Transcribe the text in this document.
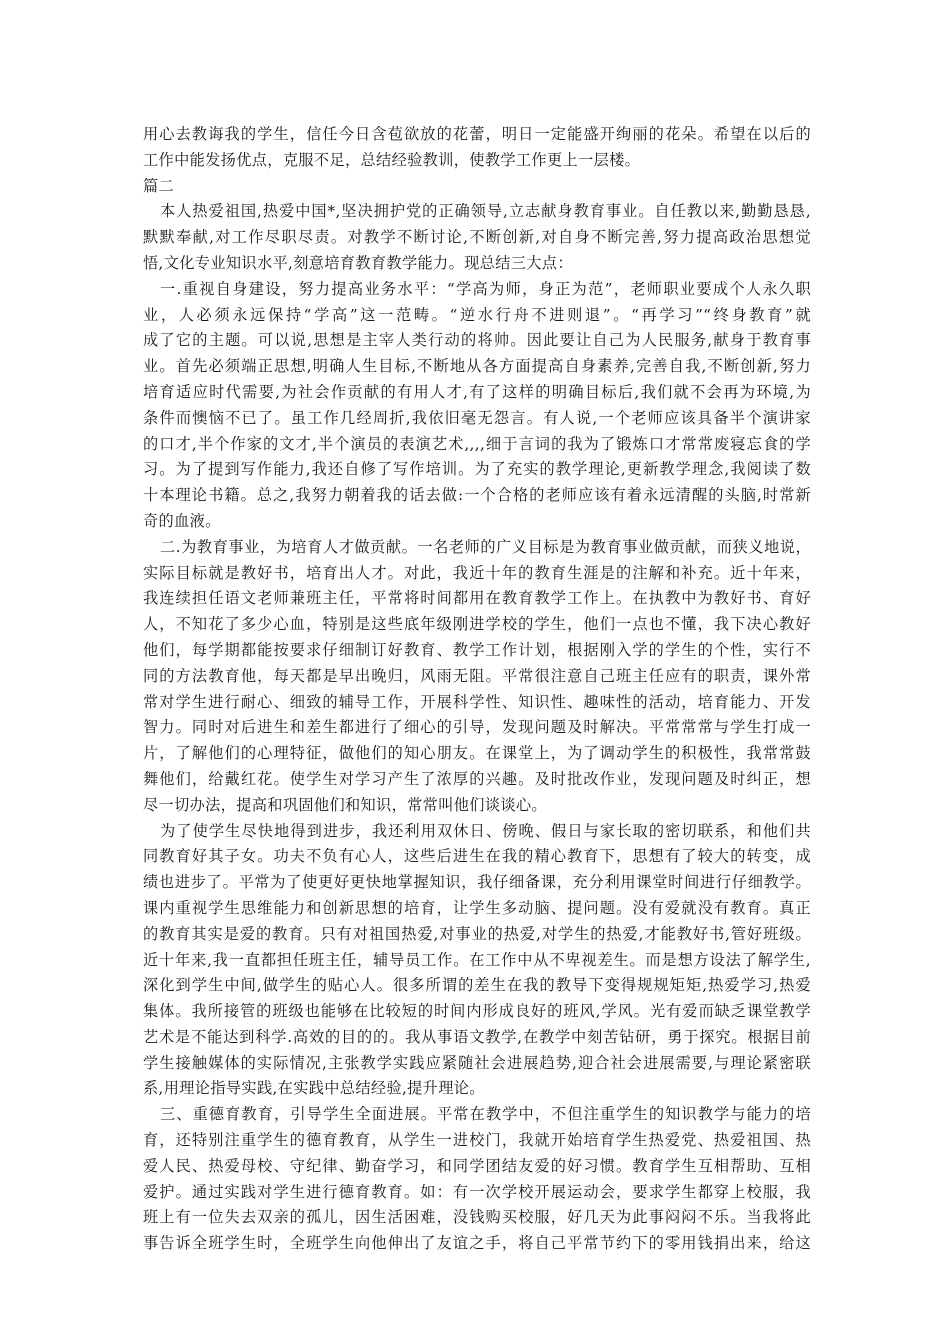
用心去教诲我的学生，信任今日含苞欲放的花蕾，明日一定能盛开绚丽的花朵。希望在以后的
工作中能发扬优点，克服不足，总结经验教训，使教学工作更上一层楼。
篇二
本人热爱祖国,热爱中国*,坚决拥护党的正确领导,立志献身教育事业。自任教以来,勤勤恳恳,
默默奉献,对工作尽职尽责。对教学不断讨论,不断创新,对自身不断完善,努力提高政治思想觉
悟,文化专业知识水平,刻意培育教育教学能力。现总结三大点：
一.重视自身建设，努力提高业务水平：“学高为师，身正为范”，老师职业要成个人永久职
业，人必须永远保持“学高”这一范畴。“逆水行舟不进则退”。“再学习”“终身教育”就
成了它的主题。可以说,思想是主宰人类行动的将帅。因此要让自己为人民服务,献身于教育事
业。首先必须端正思想,明确人生目标,不断地从各方面提高自身素养,完善自我,不断创新,努力
培育适应时代需要,为社会作贡献的有用人才,有了这样的明确目标后,我们就不会再为环境,为
条件而懊恼不已了。虽工作几经周折,我依旧毫无怨言。有人说,一个老师应该具备半个演讲家
的口才,半个作家的文才,半个演员的表演艺术,,,,细于言词的我为了锻炼口才常常废寝忘食的学
习。为了提到写作能力,我还自修了写作培训。为了充实的教学理论,更新教学理念,我阅读了数
十本理论书籍。总之,我努力朝着我的话去做:一个合格的老师应该有着永远清醒的头脑,时常新
奇的血液。
二.为教育事业，为培育人才做贡献。一名老师的广义目标是为教育事业做贡献，而狭义地说，
实际目标就是教好书，培育出人才。对此，我近十年的教育生涯是的注解和补充。近十年来，
我连续担任语文老师兼班主任，平常将时间都用在教育教学工作上。在执教中为教好书、育好
人，不知花了多少心血，特别是这些底年级刚进学校的学生，他们一点也不懂，我下决心教好
他们，每学期都能按要求仔细制订好教育、教学工作计划，根据刚入学的学生的个性，实行不
同的方法教育他，每天都是早出晚归，风雨无阻。平常很注意自己班主任应有的职责，课外常
常对学生进行耐心、细致的辅导工作，开展科学性、知识性、趣味性的活动，培育能力、开发
智力。同时对后进生和差生都进行了细心的引导，发现问题及时解决。平常常常与学生打成一
片，了解他们的心理特征，做他们的知心朋友。在课堂上，为了调动学生的积极性，我常常鼓
舞他们，给戴红花。使学生对学习产生了浓厚的兴趣。及时批改作业，发现问题及时纠正，想
尽一切办法，提高和巩固他们和知识，常常叫他们谈谈心。
为了使学生尽快地得到进步，我还利用双休日、傍晚、假日与家长取的密切联系，和他们共
同教育好其子女。功夫不负有心人，这些后进生在我的精心教育下，思想有了较大的转变，成
绩也进步了。平常为了使更好更快地掌握知识，我仔细备课，充分利用课堂时间进行仔细教学。
课内重视学生思维能力和创新思想的培育，让学生多动脑、提问题。没有爱就没有教育。真正
的教育其实是爱的教育。只有对祖国热爱,对事业的热爱,对学生的热爱,才能教好书,管好班级。
近十年来,我一直都担任班主任，辅导员工作。在工作中从不卑视差生。而是想方设法了解学生,
深化到学生中间,做学生的贴心人。很多所谓的差生在我的教导下变得规规矩矩,热爱学习,热爱
集体。我所接管的班级也能够在比较短的时间内形成良好的班风,学风。光有爱而缺乏课堂教学
艺术是不能达到科学.高效的目的的。我从事语文教学,在教学中刻苦钻研，勇于探究。根据目前
学生接触媒体的实际情况,主张教学实践应紧随社会进展趋势,迎合社会进展需要,与理论紧密联
系,用理论指导实践,在实践中总结经验,提升理论。
三、重德育教育，引导学生全面进展。平常在教学中，不但注重学生的知识教学与能力的培
育，还特别注重学生的德育教育，从学生一进校门，我就开始培育学生热爱党、热爱祖国、热
爱人民、热爱母校、守纪律、勤奋学习，和同学团结友爱的好习惯。教育学生互相帮助、互相
爱护。通过实践对学生进行德育教育。如：有一次学校开展运动会，要求学生都穿上校服，我
班上有一位失去双亲的孤儿，因生活困难，没钱购买校服，好几天为此事闷闷不乐。当我将此
事告诉全班学生时，全班学生向他伸出了友谊之手，将自己平常节约下的零用钱捐出来，给这
